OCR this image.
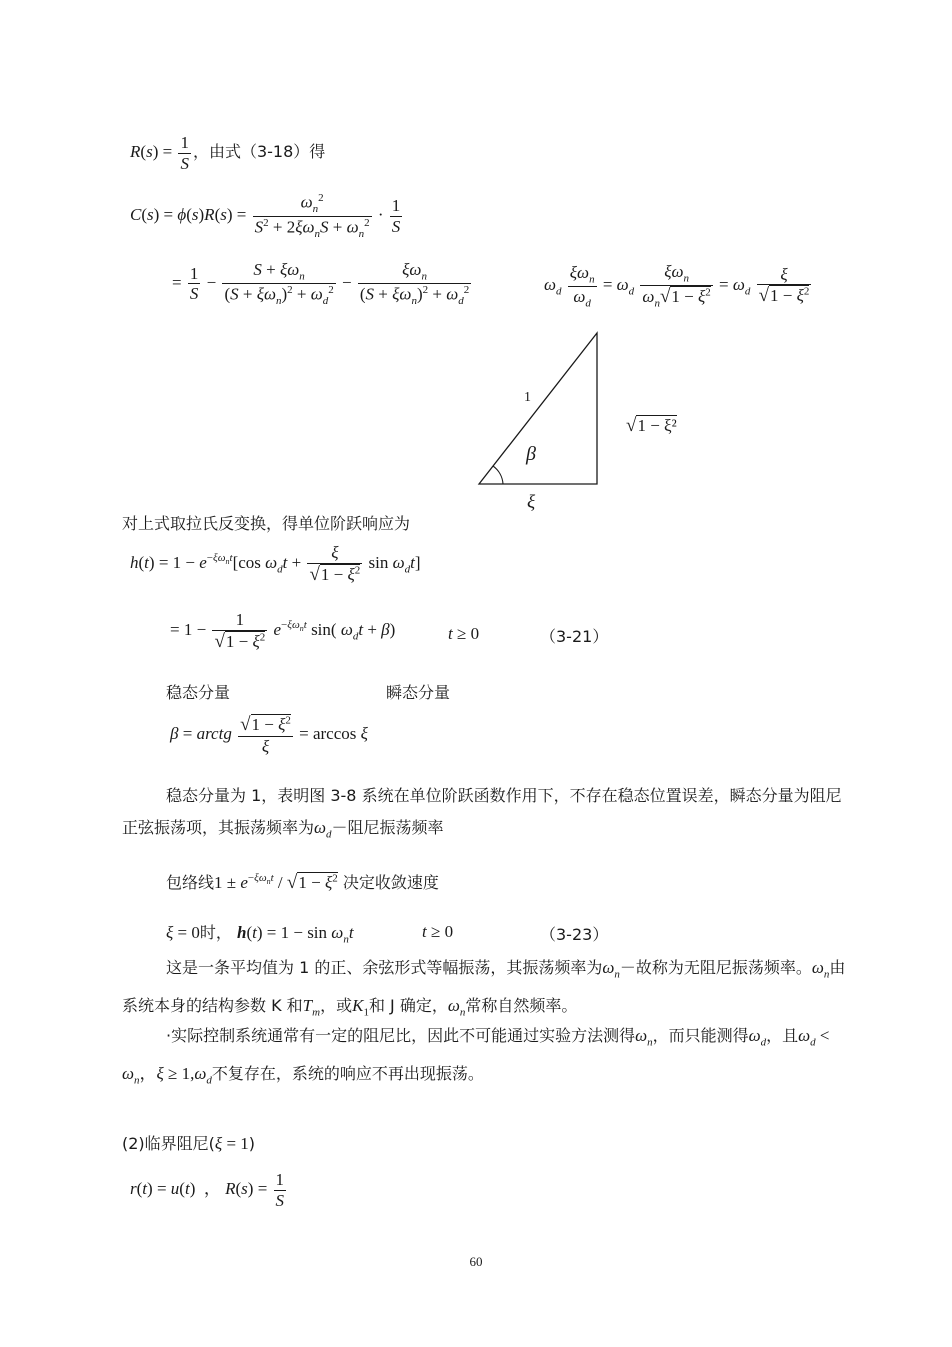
$R(s) = \frac{1}{S}$ ，由式（3-18）得
$C(s) = \phi(s)R(s) = \frac{\omega_n^2}{S^2 + 2\xi\omega_nS + \omega_n^2} \cdot \frac{1}{S}$
= $\frac{1}{S} - \frac{S + \xi\omega_n}{(S + \xi\omega_n)^2 + \omega_d^2} - \frac{\xi\omega_n}{(S + \xi\omega_n)^2 + \omega_d^2}$	$\omega_d \frac{\xi\omega_n}{\omega_d} = \omega_d \frac{\xi\omega_n}{\omega_n√1 - \xi^2} = \omega_d \frac{\xi}{√1 - \xi^2}$
1
β
ξ
√1 − ξ²
对上式取拉氏反变换，得单位阶跃响应为
$h(t) = 1 - e^{-\xi\omega_nt}[\cos$ $\omega_dt + \frac{\xi}{√1 - \xi^2}$ $\sin \omega_dt$]
= $1 - \frac{1}{√1 - \xi^2} e^{-\xi\omega_nt}$ sin( $\omega_dt + \beta$)	t ≥ 0	（3-21）
稳态分量	瞬态分量
β = arctg $\frac{√1 - \xi^2}{\xi} = \arccos \xi$
稳态分量为 1，表明图 3-8 系统在单位阶跃函数作用下，不存在稳态位置误差，瞬态分量为阻尼正弦振荡项，其振荡频率为$\omega_d-$阻尼振荡频率
包络线$1 \pm e^{-\xi\omega_nt} / √1 - \xi^2$ 决定收敛速度
ξ = 0时， $h(t) = 1 - \sin \omega_nt$	t ≥ 0	（3-23）
这是一条平均值为 1 的正、余弦形式等幅振荡，其振荡频率为$\omega_n-$故称为无阻尼振荡频率。$\omega_n$由系统本身的结构参数 K 和$T_m$，或$K_1$和 J 确定，$\omega_n$常称自然频率。
·实际控制系统通常有一定的阻尼比，因此不可能通过实验方法测得$\omega_n$，而只能测得$\omega_d$，且$\omega_d < \omega_n$，$\xi \ge 1,\omega_d$不复存在，系统的响应不再出现振荡。
(2)临界阻尼(ξ = 1)
r(t) = u(t)  ， $R(s) = \frac{1}{S}$
60
